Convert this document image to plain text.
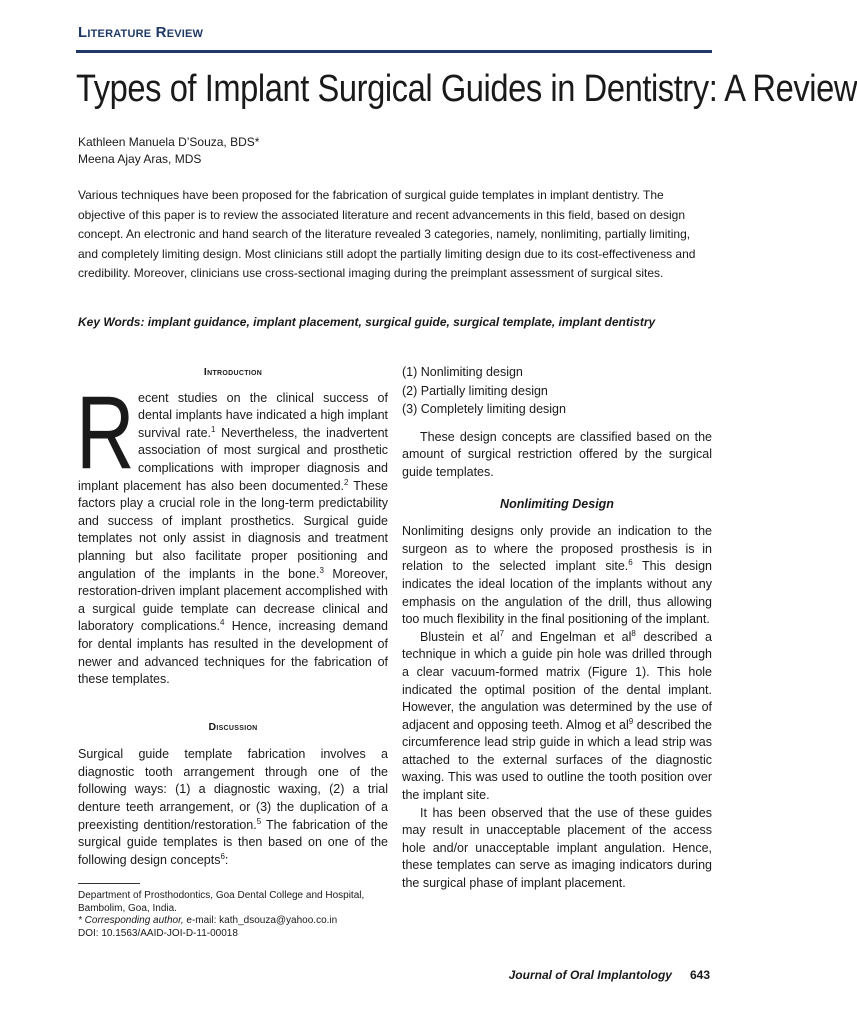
Literature Review
Types of Implant Surgical Guides in Dentistry: A Review
Kathleen Manuela D’Souza, BDS*
Meena Ajay Aras, MDS
Various techniques have been proposed for the fabrication of surgical guide templates in implant dentistry. The objective of this paper is to review the associated literature and recent advancements in this field, based on design concept. An electronic and hand search of the literature revealed 3 categories, namely, nonlimiting, partially limiting, and completely limiting design. Most clinicians still adopt the partially limiting design due to its cost-effectiveness and credibility. Moreover, clinicians use cross-sectional imaging during the preimplant assessment of surgical sites.
Key Words: implant guidance, implant placement, surgical guide, surgical template, implant dentistry
Introduction

Recent studies on the clinical success of dental implants have indicated a high implant survival rate.$^1$ Nevertheless, the inadvertent association of most surgical and prosthetic complications with improper diagnosis and implant placement has also been documented.$^2$ These factors play a crucial role in the long-term predictability and success of implant prosthetics. Surgical guide templates not only assist in diagnosis and treatment planning but also facilitate proper positioning and angulation of the implants in the bone.$^3$ Moreover, restoration-driven implant placement accomplished with a surgical guide template can decrease clinical and laboratory complications.$^4$ Hence, increasing demand for dental implants has resulted in the development of newer and advanced techniques for the fabrication of these templates.

Discussion

Surgical guide template fabrication involves a diagnostic tooth arrangement through one of the following ways: (1) a diagnostic waxing, (2) a trial denture teeth arrangement, or (3) the duplication of a preexisting dentition/restoration.$^5$ The fabrication of the surgical guide templates is then based on one of the following design concepts$^6$:

Department of Prosthodontics, Goa Dental College and Hospital, Bambolim, Goa, India.
* Corresponding author, e-mail: kath_dsouza@yahoo.co.in
DOI: 10.1563/AAID-JOI-D-11-00018
(1) Nonlimiting design
(2) Partially limiting design
(3) Completely limiting design

These design concepts are classified based on the amount of surgical restriction offered by the surgical guide templates.

Nonlimiting Design

Nonlimiting designs only provide an indication to the surgeon as to where the proposed prosthesis is in relation to the selected implant site.$^6$ This design indicates the ideal location of the implants without any emphasis on the angulation of the drill, thus allowing too much flexibility in the final positioning of the implant.

Blustein et $al^7$ and Engelman et $al^8$ described a technique in which a guide pin hole was drilled through a clear vacuum-formed matrix (Figure 1). This hole indicated the optimal position of the dental implant. However, the angulation was determined by the use of adjacent and opposing teeth. Almog et $al^9$ described the circumference lead strip guide in which a lead strip was attached to the external surfaces of the diagnostic waxing. This was used to outline the tooth position over the implant site.

It has been observed that the use of these guides may result in unacceptable placement of the access hole and/or unacceptable implant angulation. Hence, these templates can serve as imaging indicators during the surgical phase of implant placement.

Journal of Oral Implantology 643
